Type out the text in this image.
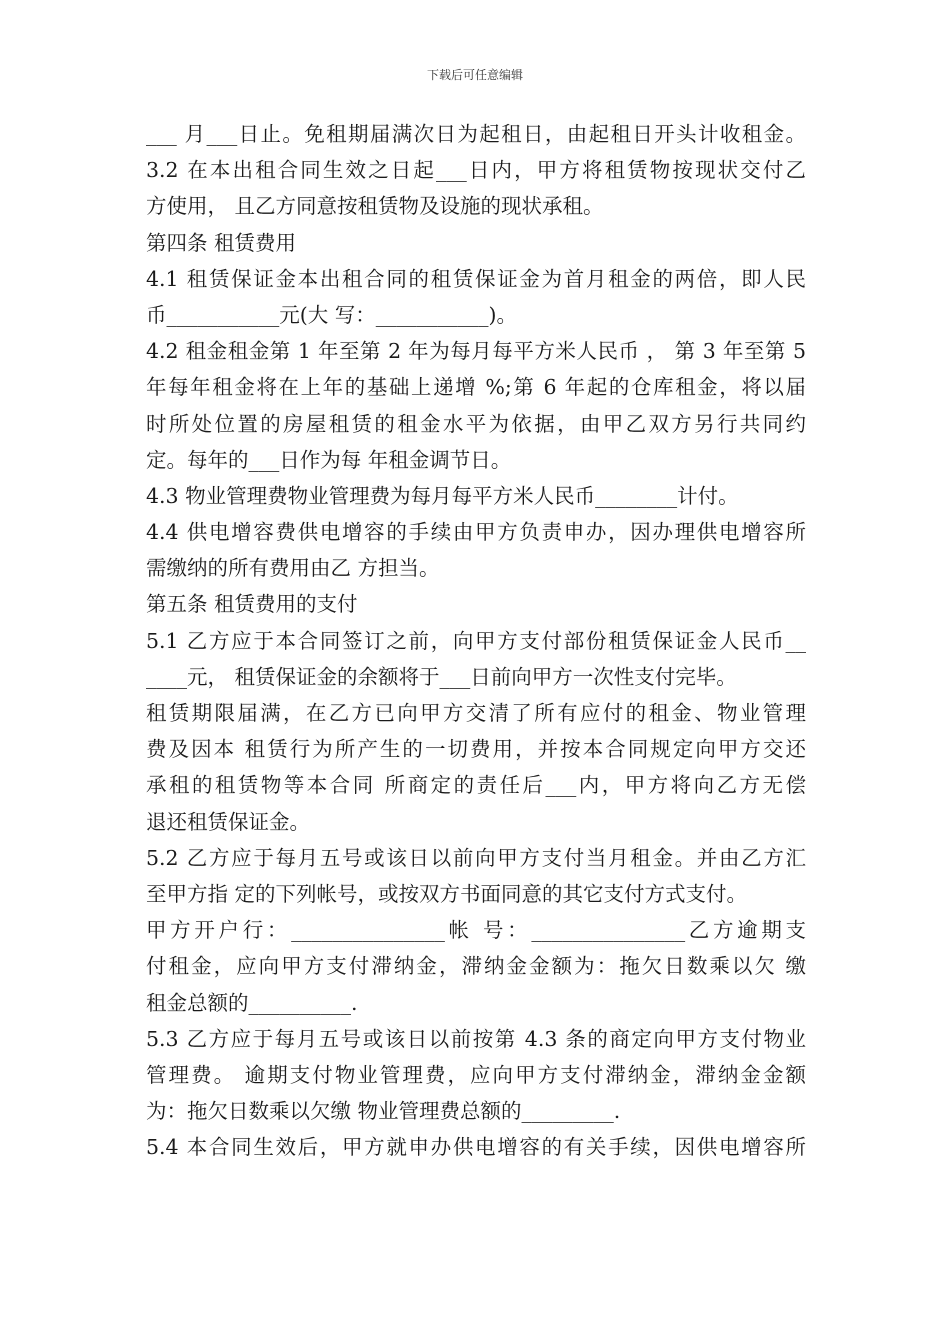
下载后可任意编辑
___ 月___日止。免租期届满次日为起租日，由起租日开头计收租金。
3.2 在本出租合同生效之日起___日内，甲方将租赁物按现状交付乙
方使用， 且乙方同意按租赁物及设施的现状承租。
第四条 租赁费用
4.1 租赁保证金本出租合同的租赁保证金为首月租金的两倍，即人民
币___________元(大 写：___________)。
4.2 租金租金第 1 年至第 2 年为每月每平方米人民币 ， 第 3 年至第 5
年每年租金将在上年的基础上递增 %;第 6 年起的仓库租金，将以届
时所处位置的房屋租赁的租金水平为依据，由甲乙双方另行共同约
定。每年的___日作为每 年租金调节日。
4.3 物业管理费物业管理费为每月每平方米人民币________计付。
4.4 供电增容费供电增容的手续由甲方负责申办，因办理供电增容所
需缴纳的所有费用由乙 方担当。
第五条 租赁费用的支付
5.1 乙方应于本合同签订之前，向甲方支付部份租赁保证金人民币__
____元， 租赁保证金的余额将于___日前向甲方一次性支付完毕。
租赁期限届满，在乙方已向甲方交清了所有应付的租金、物业管理
费及因本 租赁行为所产生的一切费用，并按本合同规定向甲方交还
承租的租赁物等本合同 所商定的责任后___内，甲方将向乙方无偿
退还租赁保证金。
5.2 乙方应于每月五号或该日以前向甲方支付当月租金。并由乙方汇
至甲方指 定的下列帐号，或按双方书面同意的其它支付方式支付。
甲方开户行：_______________帐 号：_______________乙方逾期支
付租金，应向甲方支付滞纳金，滞纳金金额为：拖欠日数乘以欠 缴
租金总额的__________.
5.3 乙方应于每月五号或该日以前按第 4.3 条的商定向甲方支付物业
管理费。 逾期支付物业管理费，应向甲方支付滞纳金，滞纳金金额
为：拖欠日数乘以欠缴 物业管理费总额的_________.
5.4 本合同生效后，甲方就申办供电增容的有关手续，因供电增容所
